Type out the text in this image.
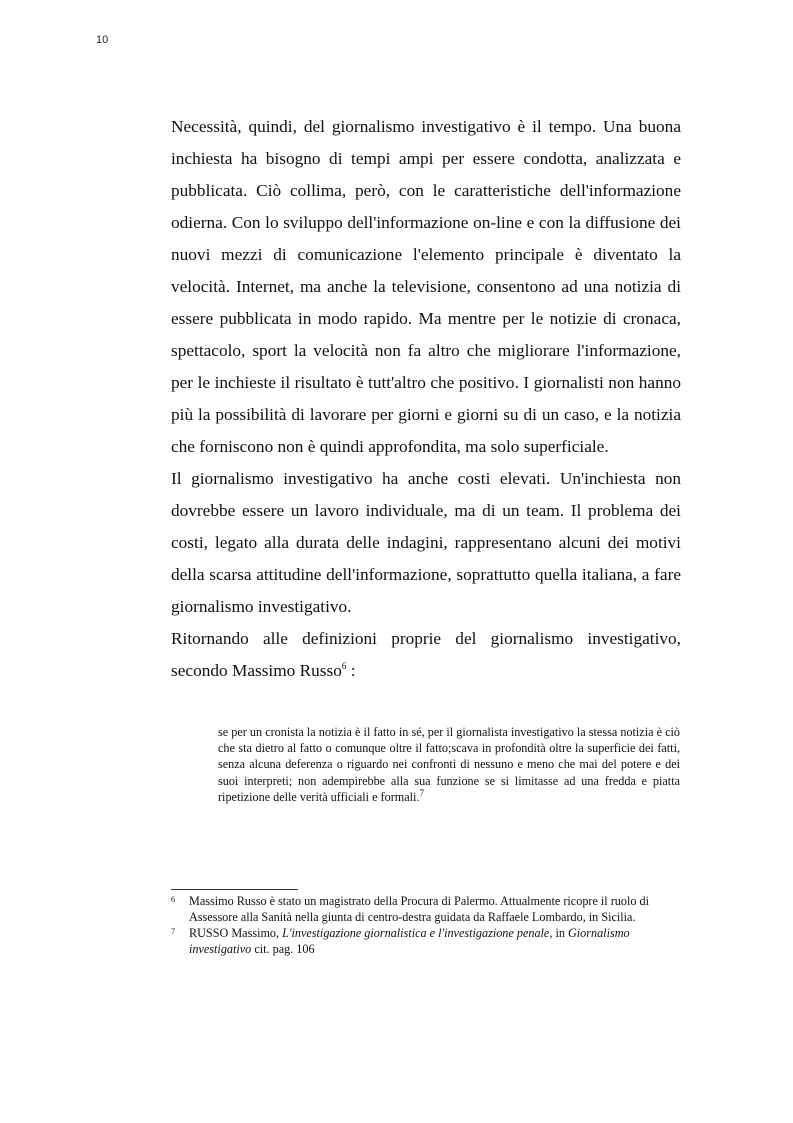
10

Necessità, quindi, del giornalismo investigativo è il tempo. Una buona inchiesta ha bisogno di tempi ampi per essere condotta, analizzata e pubblicata. Ciò collima, però, con le caratteristiche dell'informazione odierna. Con lo sviluppo dell'informazione on-line e con la diffusione dei nuovi mezzi di comunicazione l'elemento principale è diventato la velocità. Internet, ma anche la televisione, consentono ad una notizia di essere pubblicata in modo rapido. Ma mentre per le notizie di cronaca, spettacolo, sport la velocità non fa altro che migliorare l'informazione, per le inchieste il risultato è tutt'altro che positivo. I giornalisti non hanno più la possibilità di lavorare per giorni e giorni su di un caso, e la notizia che forniscono non è quindi approfondita, ma solo superficiale.

Il giornalismo investigativo ha anche costi elevati. Un'inchiesta non dovrebbe essere un lavoro individuale, ma di un team. Il problema dei costi, legato alla durata delle indagini, rappresentano alcuni dei motivi della scarsa attitudine dell'informazione, soprattutto quella italiana, a fare giornalismo investigativo.

Ritornando alle definizioni proprie del giornalismo investigativo, secondo Massimo Russo$^6$ :

se per un cronista la notizia è il fatto in sé, per il giornalista investigativo la stessa notizia è ciò che sta dietro al fatto o comunque oltre il fatto;scava in profondità oltre la superficie dei fatti, senza alcuna deferenza o riguardo nei confronti di nessuno e meno che mai del potere e dei suoi interpreti; non adempirebbe alla sua funzione se si limitasse ad una fredda e piatta ripetizione delle verità ufficiali e formali.$^7$

6	Massimo Russo è stato un magistrato della Procura di Palermo. Attualmente ricopre il ruolo di Assessore alla Sanità nella giunta di centro-destra guidata da Raffaele Lombardo, in Sicilia.
7	RUSSO Massimo, L'investigazione giornalistica e l'investigazione penale, in Giornalismo investigativo cit. pag. 106
